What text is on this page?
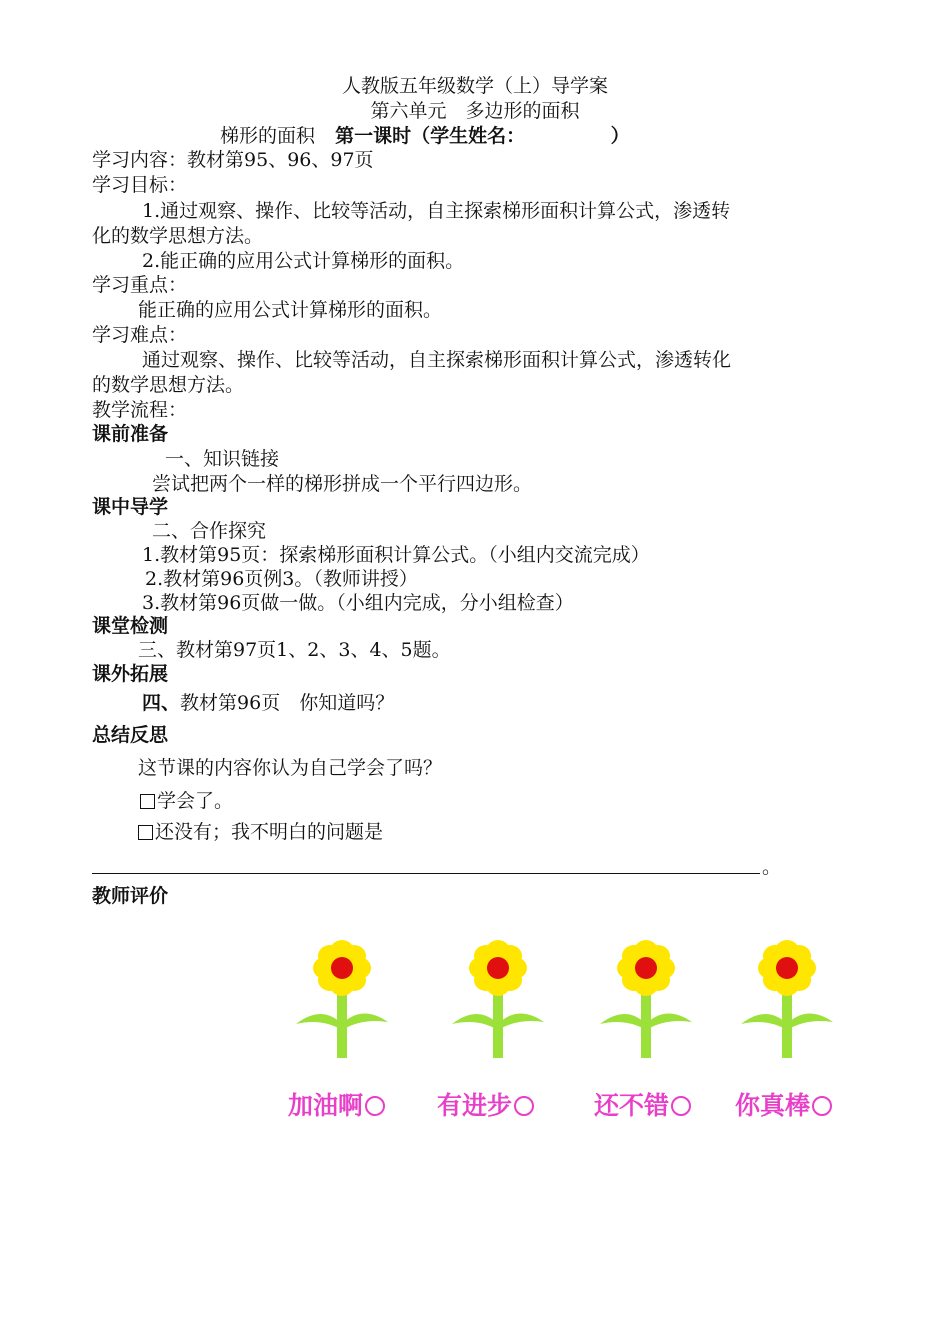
人教版五年级数学（上）导学案
第六单元　多边形的面积
梯形的面积 第一课时（学生姓名：　　　　　）
学习内容：教材第95、96、97页
学习目标：
1.通过观察、操作、比较等活动，自主探索梯形面积计算公式，渗透转
化的数学思想方法。
2.能正确的应用公式计算梯形的面积。
学习重点：
能正确的应用公式计算梯形的面积。
学习难点：
通过观察、操作、比较等活动，自主探索梯形面积计算公式，渗透转化
的数学思想方法。
教学流程：
课前准备
一、知识链接
尝试把两个一样的梯形拼成一个平行四边形。
课中导学
二、合作探究
1.教材第95页：探索梯形面积计算公式。（小组内交流完成）
2.教材第96页例3。（教师讲授）
3.教材第96页做一做。（小组内完成，分小组检查）
课堂检测
三、教材第97页1、2、3、4、5题。
课外拓展
四、教材第96页　你知道吗？
总结反思
这节课的内容你认为自己学会了吗？
学会了。
还没有；我不明白的问题是
。
教师评价
加油啊	有进步	还不错	你真棒
